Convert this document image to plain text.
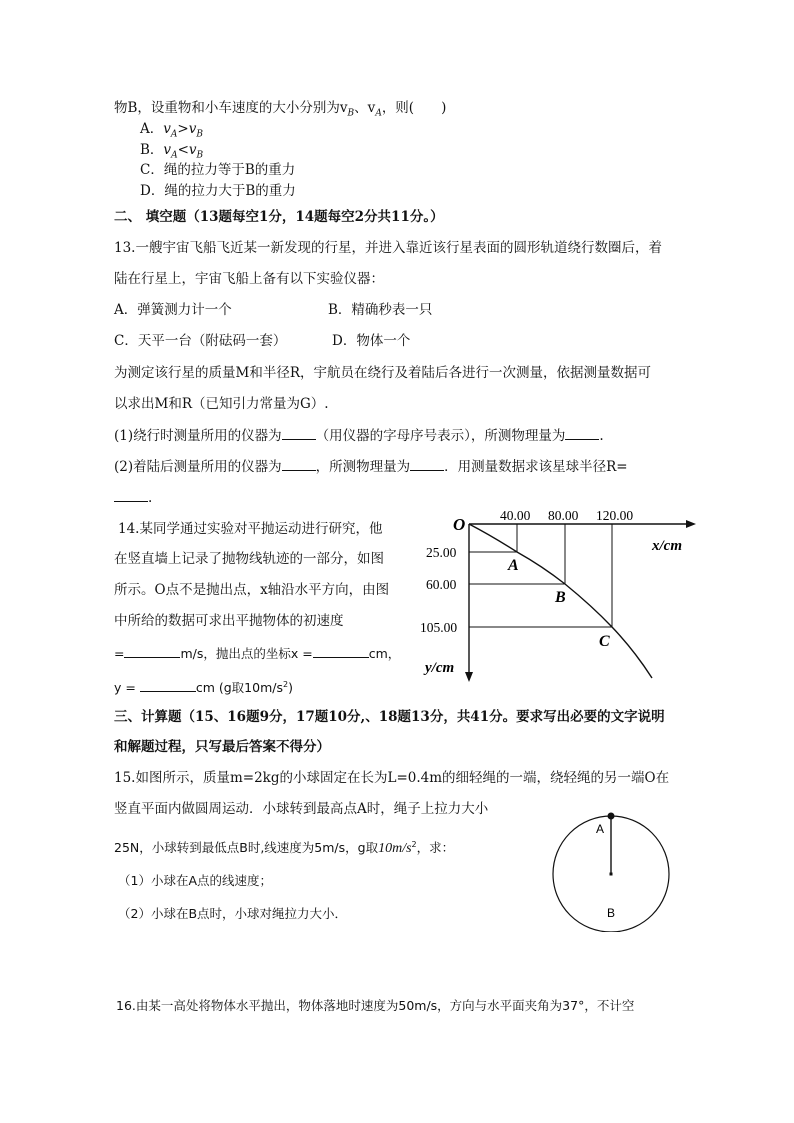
物B，设重物和小车速度的大小分别为$v_B$、$v_A$，则(　　)
A．$v_A>v_B$
B．$v_A<v_B$
C．绳的拉力等于B的重力
D．绳的拉力大于B的重力
二、 填空题（13题每空1分，14题每空2分共11分。）
13.一艘宇宙飞船飞近某一新发现的行星，并进入靠近该行星表面的圆形轨道绕行数圈后，着
陆在行星上，宇宙飞船上备有以下实验仪器：
A．弹簧测力计一个	B．精确秒表一只
C．天平一台（附砝码一套）	D．物体一个
为测定该行星的质量M和半径R，宇航员在绕行及着陆后各进行一次测量，依据测量数据可
以求出M和R（已知引力常量为G）.
(1)绕行时测量所用的仪器为	（用仪器的字母序号表示），所测物理量为	.
(2)着陆后测量所用的仪器为	，所测物理量为	．用测量数据求该星球半径R=
.
14.某同学通过实验对平抛运动进行研究，他
在竖直墙上记录了抛物线轨迹的一部分，如图
所示。O点不是抛出点，x轴沿水平方向，由图
中所给的数据可求出平抛物体的初速度
=	m/s，抛出点的坐标x =	cm，
y =	cm (g取$10m/s^2$)
O	40.00 80.00 120.00
x/cm
25.00
60.00
105.00
y/cm
A
B
C
三、计算题（15、16题9分，17题10分,、18题13分，共41分。要求写出必要的文字说明
和解题过程，只写最后答案不得分）
15.如图所示，质量m=2kg的小球固定在长为L=0.4m的细轻绳的一端，绕轻绳的另一端O在
竖直平面内做圆周运动．小球转到最高点A时，绳子上拉力大小
25N，小球转到最低点B时,线速度为5m/s，g取$10m/s^2$，求：
（1）小球在A点的线速度；
（2）小球在B点时，小球对绳拉力大小．
A
B
16.由某一高处将物体水平抛出，物体落地时速度为50m/s，方向与水平面夹角为37°，不计空
